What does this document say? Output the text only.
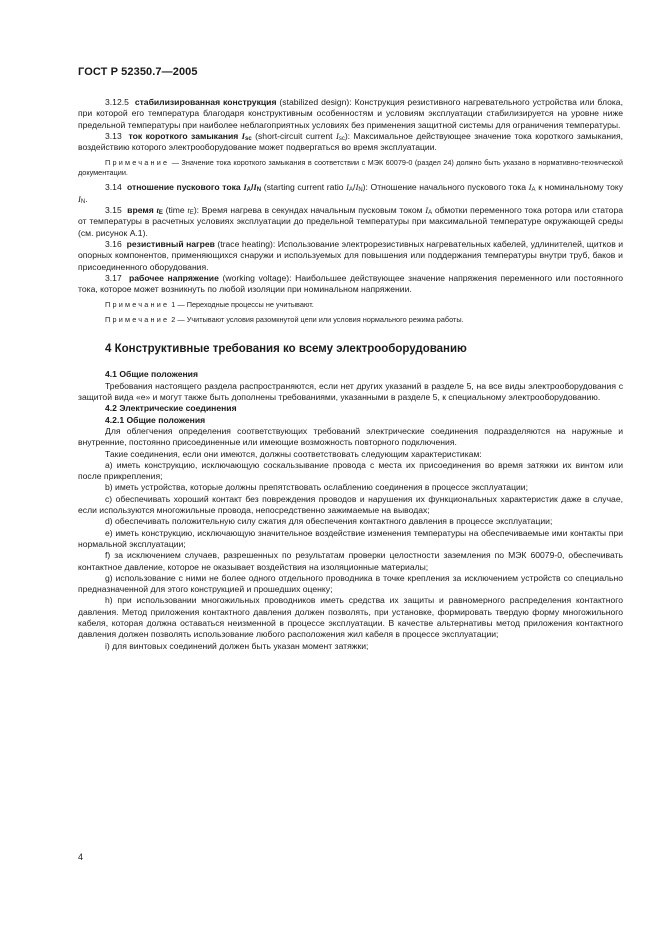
ГОСТ Р 52350.7—2005

3.12.5 стабилизированная конструкция (stabilized design): Конструкция резистивного нагревательного устройства или блока, при которой его температура благодаря конструктивным особенностям и условиям эксплуатации стабилизируется на уровне ниже предельной температуры при наиболее неблагоприятных условиях без применения защитной системы для ограничения температуры.

3.13 ток короткого замыкания $I_{sc}$ (short-circuit current $I_{sc}$): Максимальное действующее значение тока короткого замыкания, воздействию которого электрооборудование может подвергаться во время эксплуатации.

Примечание — Значение тока короткого замыкания в соответствии с МЭК 60079-0 (раздел 24) должно быть указано в нормативно-технической документации.

3.14 отношение пускового тока $I_A/I_N$ (starting current ratio $I_A/I_N$): Отношение начального пускового тока $I_A$ к номинальному току $I_N$.

3.15 время $t_E$ (time $t_E$): Время нагрева в секундах начальным пусковым током $I_A$ обмотки переменного тока ротора или статора от температуры в расчетных условиях эксплуатации до предельной температуры при максимальной температуре окружающей среды (см. рисунок А.1).

3.16 резистивный нагрев (trace heating): Использование электрорезистивных нагревательных кабелей, удлинителей, щитков и опорных компонентов, применяющихся снаружи и используемых для повышения или поддержания температуры внутри труб, баков и присоединенного оборудования.

3.17 рабочее напряжение (working voltage): Наибольшее действующее значение напряжения переменного или постоянного тока, которое может возникнуть по любой изоляции при номинальном напряжении.

Примечание 1 — Переходные процессы не учитывают.

Примечание 2 — Учитывают условия разомкнутой цепи или условия нормального режима работы.

4 Конструктивные требования ко всему электрооборудованию

4.1 Общие положения

Требования настоящего раздела распространяются, если нет других указаний в разделе 5, на все виды электрооборудования с защитой вида «е» и могут также быть дополнены требованиями, указанными в разделе 5, к специальному электрооборудованию.

4.2 Электрические соединения

4.2.1 Общие положения

Для облегчения определения соответствующих требований электрические соединения подразделяются на наружные и внутренние, постоянно присоединенные или имеющие возможность повторного подключения.

Такие соединения, если они имеются, должны соответствовать следующим характеристикам:

a) иметь конструкцию, исключающую соскальзывание провода с места их присоединения во время затяжки их винтом или после прикрепления;

b) иметь устройства, которые должны препятствовать ослаблению соединения в процессе эксплуатации;

c) обеспечивать хороший контакт без повреждения проводов и нарушения их функциональных характеристик даже в случае, если используются многожильные провода, непосредственно зажимаемые на выводах;

d) обеспечивать положительную силу сжатия для обеспечения контактного давления в процессе эксплуатации;

e) иметь конструкцию, исключающую значительное воздействие изменения температуры на обеспечиваемые ими контакты при нормальной эксплуатации;

f) за исключением случаев, разрешенных по результатам проверки целостности заземления по МЭК 60079-0, обеспечивать контактное давление, которое не оказывает воздействия на изоляционные материалы;

g) использование с ними не более одного отдельного проводника в точке крепления за исключением устройств со специально предназначенной для этого конструкцией и прошедших оценку;

h) при использовании многожильных проводников иметь средства их защиты и равномерного распределения контактного давления. Метод приложения контактного давления должен позволять, при установке, формировать твердую форму многожильного кабеля, которая должна оставаться неизменной в процессе эксплуатации. В качестве альтернативы метод приложения контактного давления должен позволять использование любого расположения жил кабеля в процессе эксплуатации;

i) для винтовых соединений должен быть указан момент затяжки;

4
